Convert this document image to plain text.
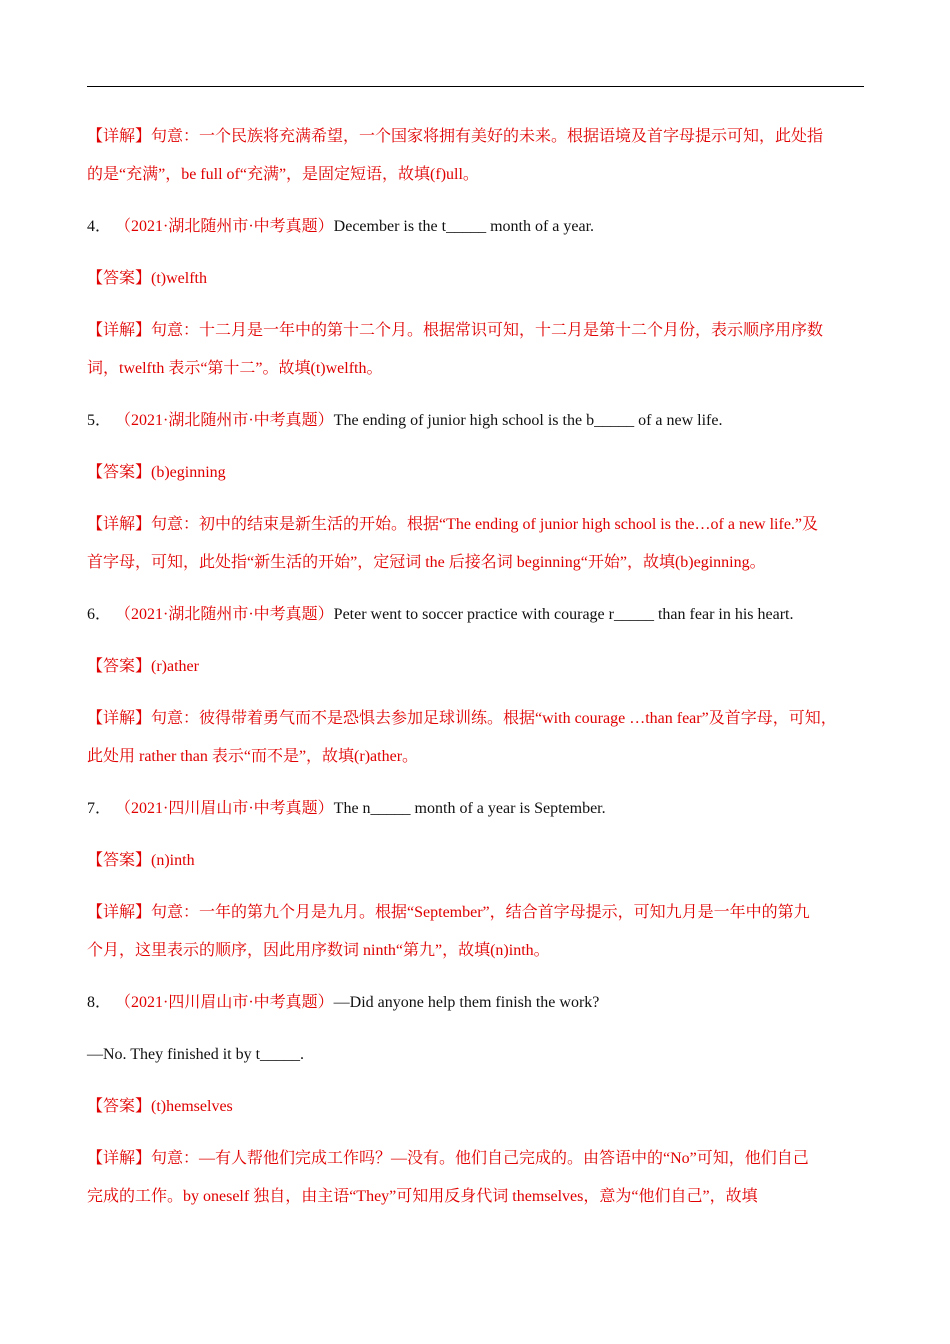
【详解】句意：一个民族将充满希望，一个国家将拥有美好的未来。根据语境及首字母提示可知，此处指
的是“充满”，be full of“充满”，是固定短语，故填(f)ull。
4． （2021·湖北随州市·中考真题）December is the t_____ month of a year.
【答案】(t)welfth
【详解】句意：十二月是一年中的第十二个月。根据常识可知，十二月是第十二个月份，表示顺序用序数
词，twelfth 表示“第十二”。故填(t)welfth。
5． （2021·湖北随州市·中考真题）The ending of junior high school is the b_____ of a new life.
【答案】(b)eginning
【详解】句意：初中的结束是新生活的开始。根据“The ending of junior high school is the…of a new life.”及
首字母，可知，此处指“新生活的开始”，定冠词 the 后接名词 beginning“开始”，故填(b)eginning。
6． （2021·湖北随州市·中考真题）Peter went to soccer practice with courage r_____ than fear in his heart.
【答案】(r)ather
【详解】句意：彼得带着勇气而不是恐惧去参加足球训练。根据“with courage …than fear”及首字母，可知，
此处用 rather than 表示“而不是”，故填(r)ather。
7． （2021·四川眉山市·中考真题）The n_____ month of a year is September.
【答案】(n)inth
【详解】句意：一年的第九个月是九月。根据“September”，结合首字母提示，可知九月是一年中的第九
个月，这里表示的顺序，因此用序数词 ninth“第九”，故填(n)inth。
8． （2021·四川眉山市·中考真题）—Did anyone help them finish the work?
—No. They finished it by t_____.
【答案】(t)hemselves
【详解】句意：—有人帮他们完成工作吗？—没有。他们自己完成的。由答语中的“No”可知，他们自己
完成的工作。by oneself 独自，由主语“They”可知用反身代词 themselves，意为“他们自己”，故填
